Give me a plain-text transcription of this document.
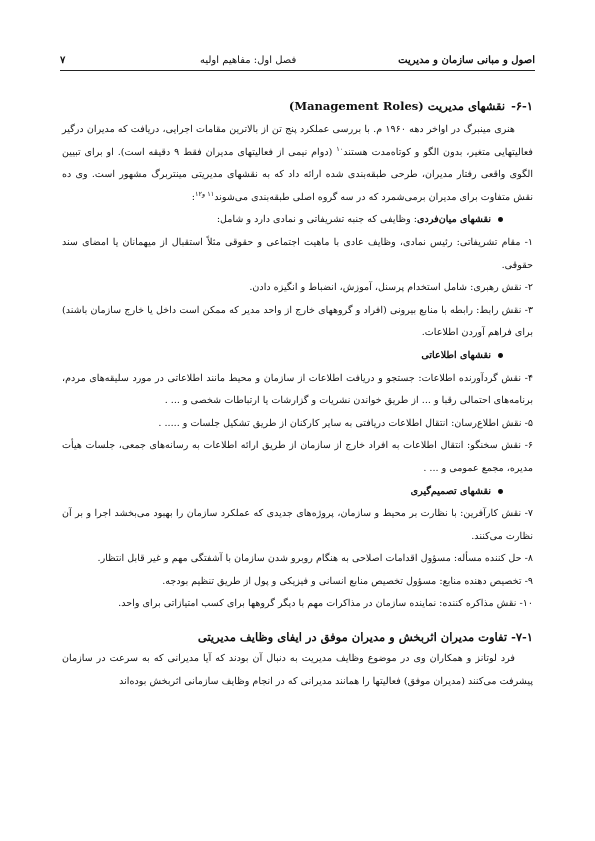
اصول و مبانی سازمان و مدیریت
فصل اول: مفاهیم اولیه
۷
۶-۱- نقشهای مدیریت (Management Roles)

هنری مینبرگ در اواخر دهه ۱۹۶۰ م. با بررسی عملکرد پنج تن از بالاترین مقامات اجرایی، دریافت که مدیران درگیر فعالیتهایی متغیر، بدون الگو و کوتاه‌مدت هستند$^{۱۰}$ (دوام نیمی از فعالیتهای مدیران فقط ۹ دقیقه است). او برای تبیین الگوی واقعی رفتار مدیران، طرحی طبقه‌بندی شده ارائه داد که به نقشهای مدیریتی مینتربرگ مشهور است. وی ده نقش متفاوت برای مدیران برمی‌شمرد که در سه گروه اصلی طبقه‌بندی می‌شوند$^{۱۱ و۱۲}$:

نقشهای میان‌فردی: وظایفی که جنبه تشریفاتی و نمادی دارد و شامل:

۱- مقام تشریفاتی: رئیس نمادی، وظایف عادی با ماهیت اجتماعی و حقوقی مثلاً استقبال از میهمانان یا امضای سند حقوقی.

۲- نقش رهبری: شامل استخدام پرسنل، آموزش، انضباط و انگیزه دادن.

۳- نقش رابط: رابطه با منابع بیرونی (افراد و گروههای خارج از واحد مدیر که ممکن است داخل یا خارج سازمان باشند) برای فراهم آوردن اطلاعات.

نقشهای اطلاعاتی

۴- نقش گردآورنده اطلاعات: جستجو و دریافت اطلاعات از سازمان و محیط مانند اطلاعاتی در مورد سلیقه‌های مردم، برنامه‌های احتمالی رقبا و ... از طریق خواندن نشریات و گزارشات یا ارتباطات شخصی و ... .

۵- نقش اطلاع‌رسان: انتقال اطلاعات دریافتی به سایر کارکنان از طریق تشکیل جلسات و ..... .

۶- نقش سخنگو: انتقال اطلاعات به افراد خارج از سازمان از طریق ارائه اطلاعات به رسانه‌های جمعی، جلسات هیأت مدیره، مجمع عمومی و ... .

نقشهای تصمیم‌گیری

۷- نقش کارآفرین: با نظارت بر محیط و سازمان، پروژه‌های جدیدی که عملکرد سازمان را بهبود می‌بخشد اجرا و بر آن نظارت می‌کنند.

۸- حل کننده مسأله: مسؤول اقدامات اصلاحی به هنگام روبرو شدن سازمان با آشفتگی مهم و غیر قابل انتظار.

۹- تخصیص دهنده منابع: مسؤول تخصیص منابع انسانی و فیزیکی و پول از طریق تنظیم بودجه.

۱۰- نقش مذاکره کننده: نماینده سازمان در مذاکرات مهم با دیگر گروهها برای کسب امتیازاتی برای واحد.

۷-۱- تفاوت مدیران اثربخش و مدیران موفق در ایفای وظایف مدیریتی

فرد لوتانز و همکاران وی در موضوع وظایف مدیریت به دنبال آن بودند که آیا مدیرانی که به سرعت در سازمان پیشرفت می‌کنند (مدیران موفق) فعالیتها را همانند مدیرانی که در انجام وظایف سازمانی اثربخش بوده‌اند
